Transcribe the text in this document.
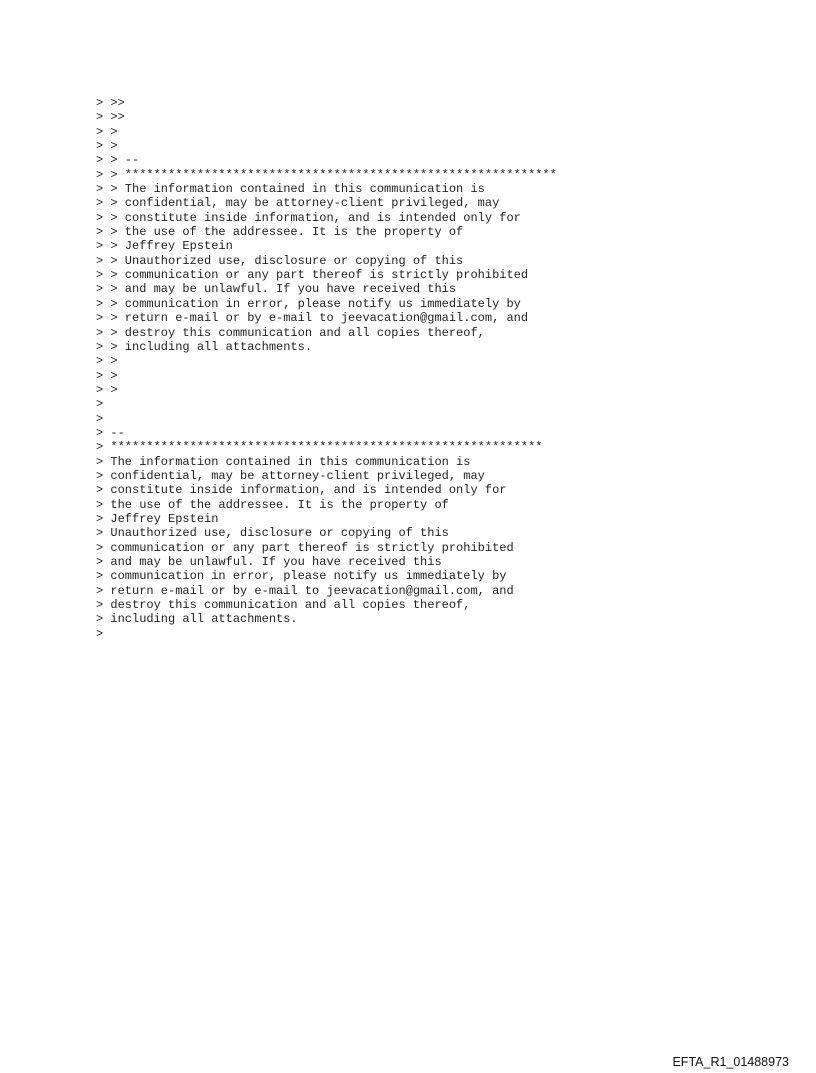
> >>
> >>
> >
> >
> > --
> > ************************************************************
> > The information contained in this communication is
> > confidential, may be attorney-client privileged, may
> > constitute inside information, and is intended only for
> > the use of the addressee. It is the property of
> > Jeffrey Epstein
> > Unauthorized use, disclosure or copying of this
> > communication or any part thereof is strictly prohibited
> > and may be unlawful. If you have received this
> > communication in error, please notify us immediately by
> > return e-mail or by e-mail to jeevacation@gmail.com, and
> > destroy this communication and all copies thereof,
> > including all attachments.
> >
> >
> >
>
>
> --
> ************************************************************
> The information contained in this communication is
> confidential, may be attorney-client privileged, may
> constitute inside information, and is intended only for
> the use of the addressee. It is the property of
> Jeffrey Epstein
> Unauthorized use, disclosure or copying of this
> communication or any part thereof is strictly prohibited
> and may be unlawful. If you have received this
> communication in error, please notify us immediately by
> return e-mail or by e-mail to jeevacation@gmail.com, and
> destroy this communication and all copies thereof,
> including all attachments.
>
EFTA_R1_01488973
